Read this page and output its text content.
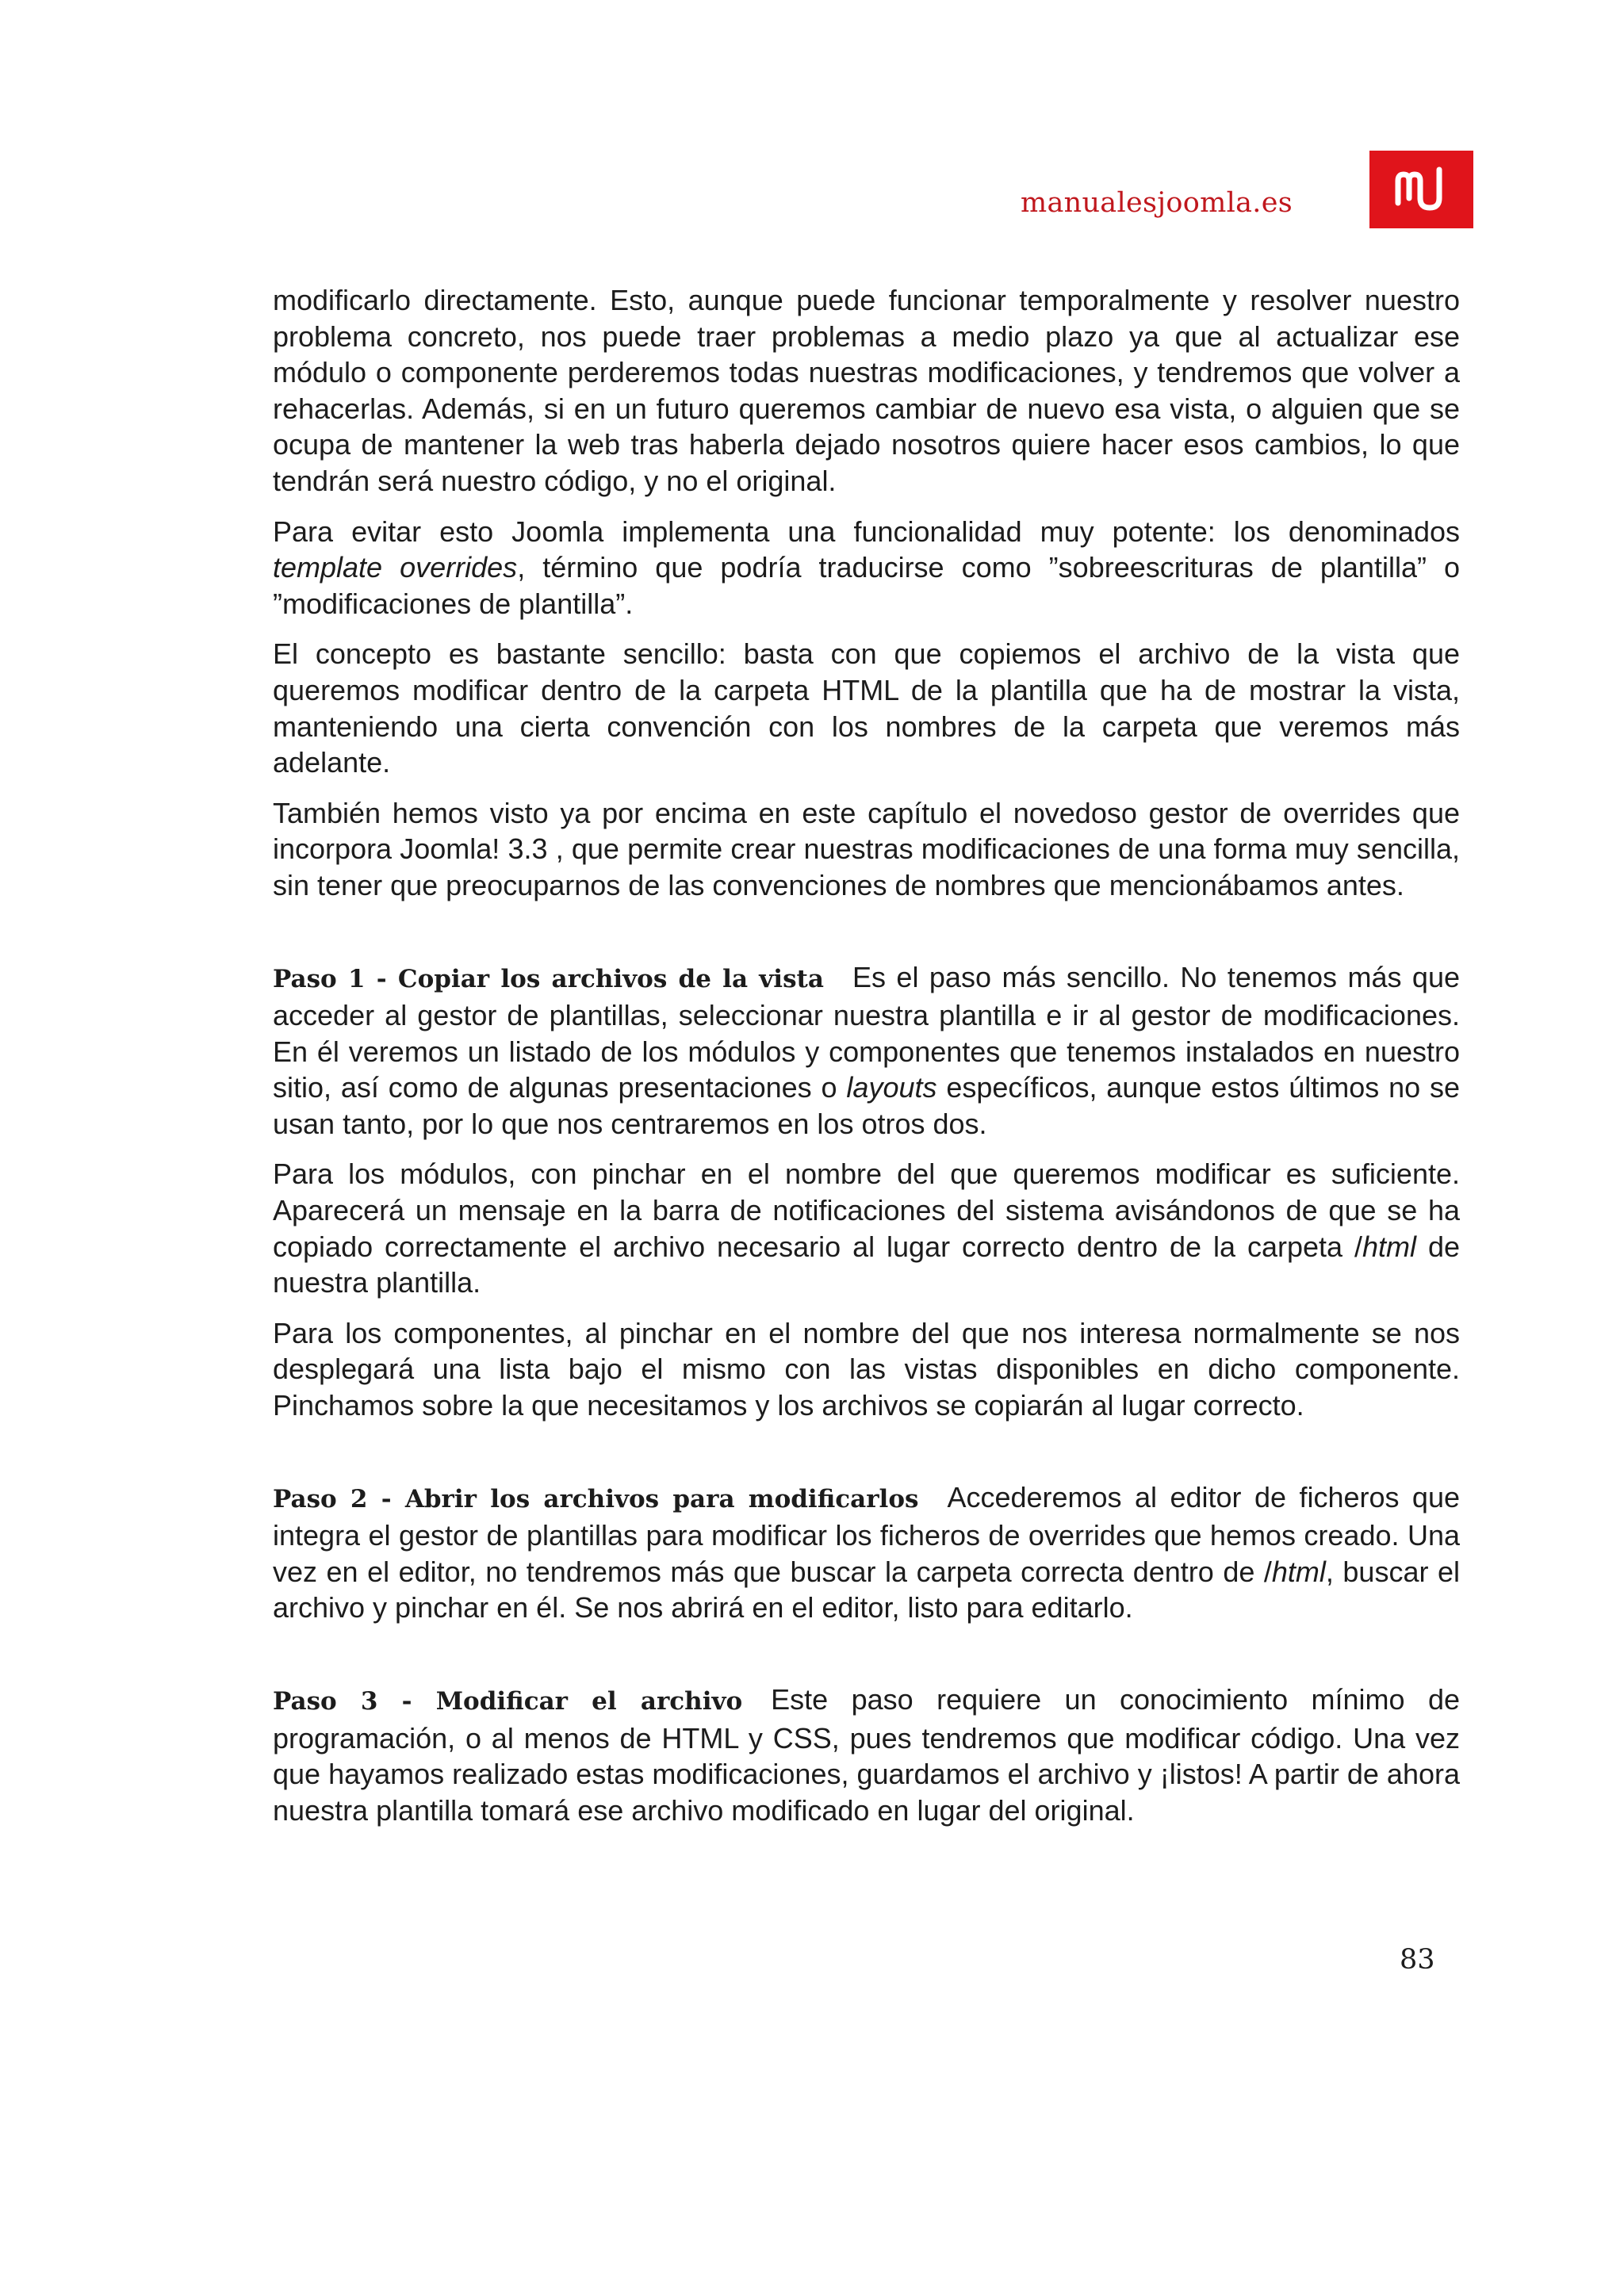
manualesjoomla.es

modificarlo directamente. Esto, aunque puede funcionar temporalmente y resolver nuestro problema concreto, nos puede traer problemas a medio plazo ya que al actualizar ese módulo o componente perderemos todas nuestras modificaciones, y tendremos que volver a rehacerlas. Además, si en un futuro queremos cambiar de nuevo esa vista, o alguien que se ocupa de mantener la web tras haberla dejado nosotros quiere hacer esos cambios, lo que tendrán será nuestro código, y no el original.

Para evitar esto Joomla implementa una funcionalidad muy potente: los denominados template overrides, término que podría traducirse como ”sobreescrituras de plantilla” o ”modificaciones de plantilla”.

El concepto es bastante sencillo: basta con que copiemos el archivo de la vista que queremos modificar dentro de la carpeta HTML de la plantilla que ha de mostrar la vista, manteniendo una cierta convención con los nombres de la carpeta que veremos más adelante.

También hemos visto ya por encima en este capítulo el novedoso gestor de overrides que incorpora Joomla! 3.3 , que permite crear nuestras modificaciones de una forma muy sencilla, sin tener que preocuparnos de las convenciones de nombres que mencionábamos antes.

Paso 1 - Copiar los archivos de la vista Es el paso más sencillo. No tenemos más que acceder al gestor de plantillas, seleccionar nuestra plantilla e ir al gestor de modificaciones. En él veremos un listado de los módulos y componentes que tenemos instalados en nuestro sitio, así como de algunas presentaciones o layouts específicos, aunque estos últimos no se usan tanto, por lo que nos centraremos en los otros dos.

Para los módulos, con pinchar en el nombre del que queremos modificar es suficiente. Aparecerá un mensaje en la barra de notificaciones del sistema avisándonos de que se ha copiado correctamente el archivo necesario al lugar correcto dentro de la carpeta /html de nuestra plantilla.

Para los componentes, al pinchar en el nombre del que nos interesa normalmente se nos desplegará una lista bajo el mismo con las vistas disponibles en dicho componente. Pinchamos sobre la que necesitamos y los archivos se copiarán al lugar correcto.

Paso 2 - Abrir los archivos para modificarlos Accederemos al editor de ficheros que integra el gestor de plantillas para modificar los ficheros de overrides que hemos creado. Una vez en el editor, no tendremos más que buscar la carpeta correcta dentro de /html, buscar el archivo y pinchar en él. Se nos abrirá en el editor, listo para editarlo.

Paso 3 - Modificar el archivo Este paso requiere un conocimiento mínimo de programación, o al menos de HTML y CSS, pues tendremos que modificar código. Una vez que hayamos realizado estas modificaciones, guardamos el archivo y ¡listos! A partir de ahora nuestra plantilla tomará ese archivo modificado en lugar del original.

83
